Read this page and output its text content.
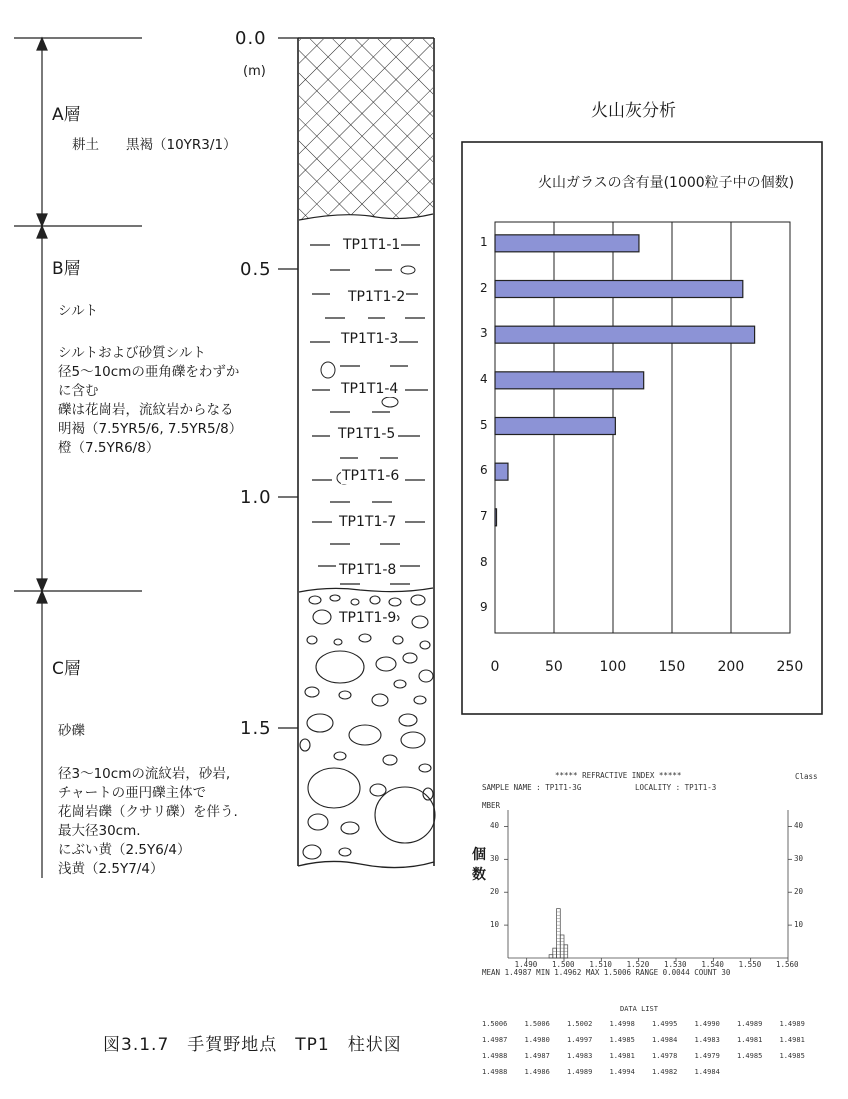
0.0
(m)
0.5
1.0
1.5
TP1T1-1
TP1T1-2
TP1T1-3
TP1T1-4
TP1T1-5
TP1T1-6
TP1T1-7
TP1T1-8
TP1T1-9
A層
耕土　　黒褐（10YR3/1）
B層
シルト
シルトおよび砂質シルト
径5～10cmの亜角礫をわずか
に含む
礫は花崗岩，流紋岩からなる
明褐（7.5YR5/6, 7.5YR5/8）
橙（7.5YR6/8）
C層
砂礫
径3～10cmの流紋岩，砂岩,
チャートの亜円礫主体で
花崗岩礫（クサリ礫）を伴う.
最大径30cm.
にぶい黄（2.5Y6/4）
浅黄（2.5Y7/4）
図3.1.7　手賀野地点　TP1　柱状図
火山灰分析
火山ガラスの含有量(1000粒子中の個数)
0	50	100 150 200 250
1
2
3
4
5
6
7
8
9
***** REFRACTIVE INDEX *****	Class
SAMPLE NAME : TP1T1-3G	LOCALITY : TP1T1-3
MBER
個数
MEAN 1.4987 MIN 1.4962 MAX 1.5006 RANGE 0.0044 COUNT 30
10	10
20	20
30	30
40	40
1.490 1.500 1.510 1.520 1.530 1.540 1.550 1.560
DATA LIST
1.5006 1.5006 1.5002 1.4998 1.4995 1.4990 1.4989 1.4989
1.4987 1.4980 1.4997 1.4985 1.4984 1.4983 1.4981 1.4981
1.4988 1.4987 1.4983 1.4981 1.4978 1.4979 1.4985 1.4985
1.4988 1.4986 1.4989 1.4994 1.4982 1.4984
